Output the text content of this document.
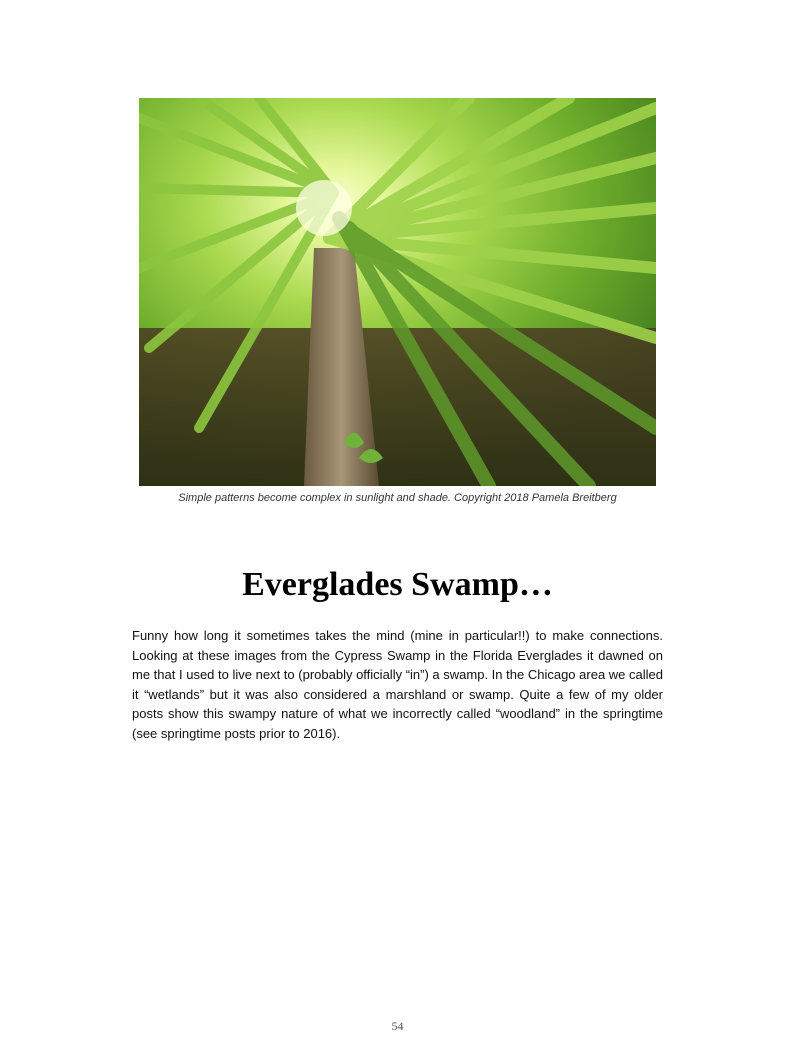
Simple patterns become complex in sunlight and shade. Copyright 2018 Pamela Breitberg
Everglades Swamp…

Funny how long it sometimes takes the mind (mine in particular!!) to make connections. Looking at these images from the Cypress Swamp in the Florida Everglades it dawned on me that I used to live next to (probably officially “in”) a swamp. In the Chicago area we called it “wetlands” but it was also considered a marshland or swamp. Quite a few of my older posts show this swampy nature of what we incorrectly called “woodland” in the springtime (see springtime posts prior to 2016).

54
